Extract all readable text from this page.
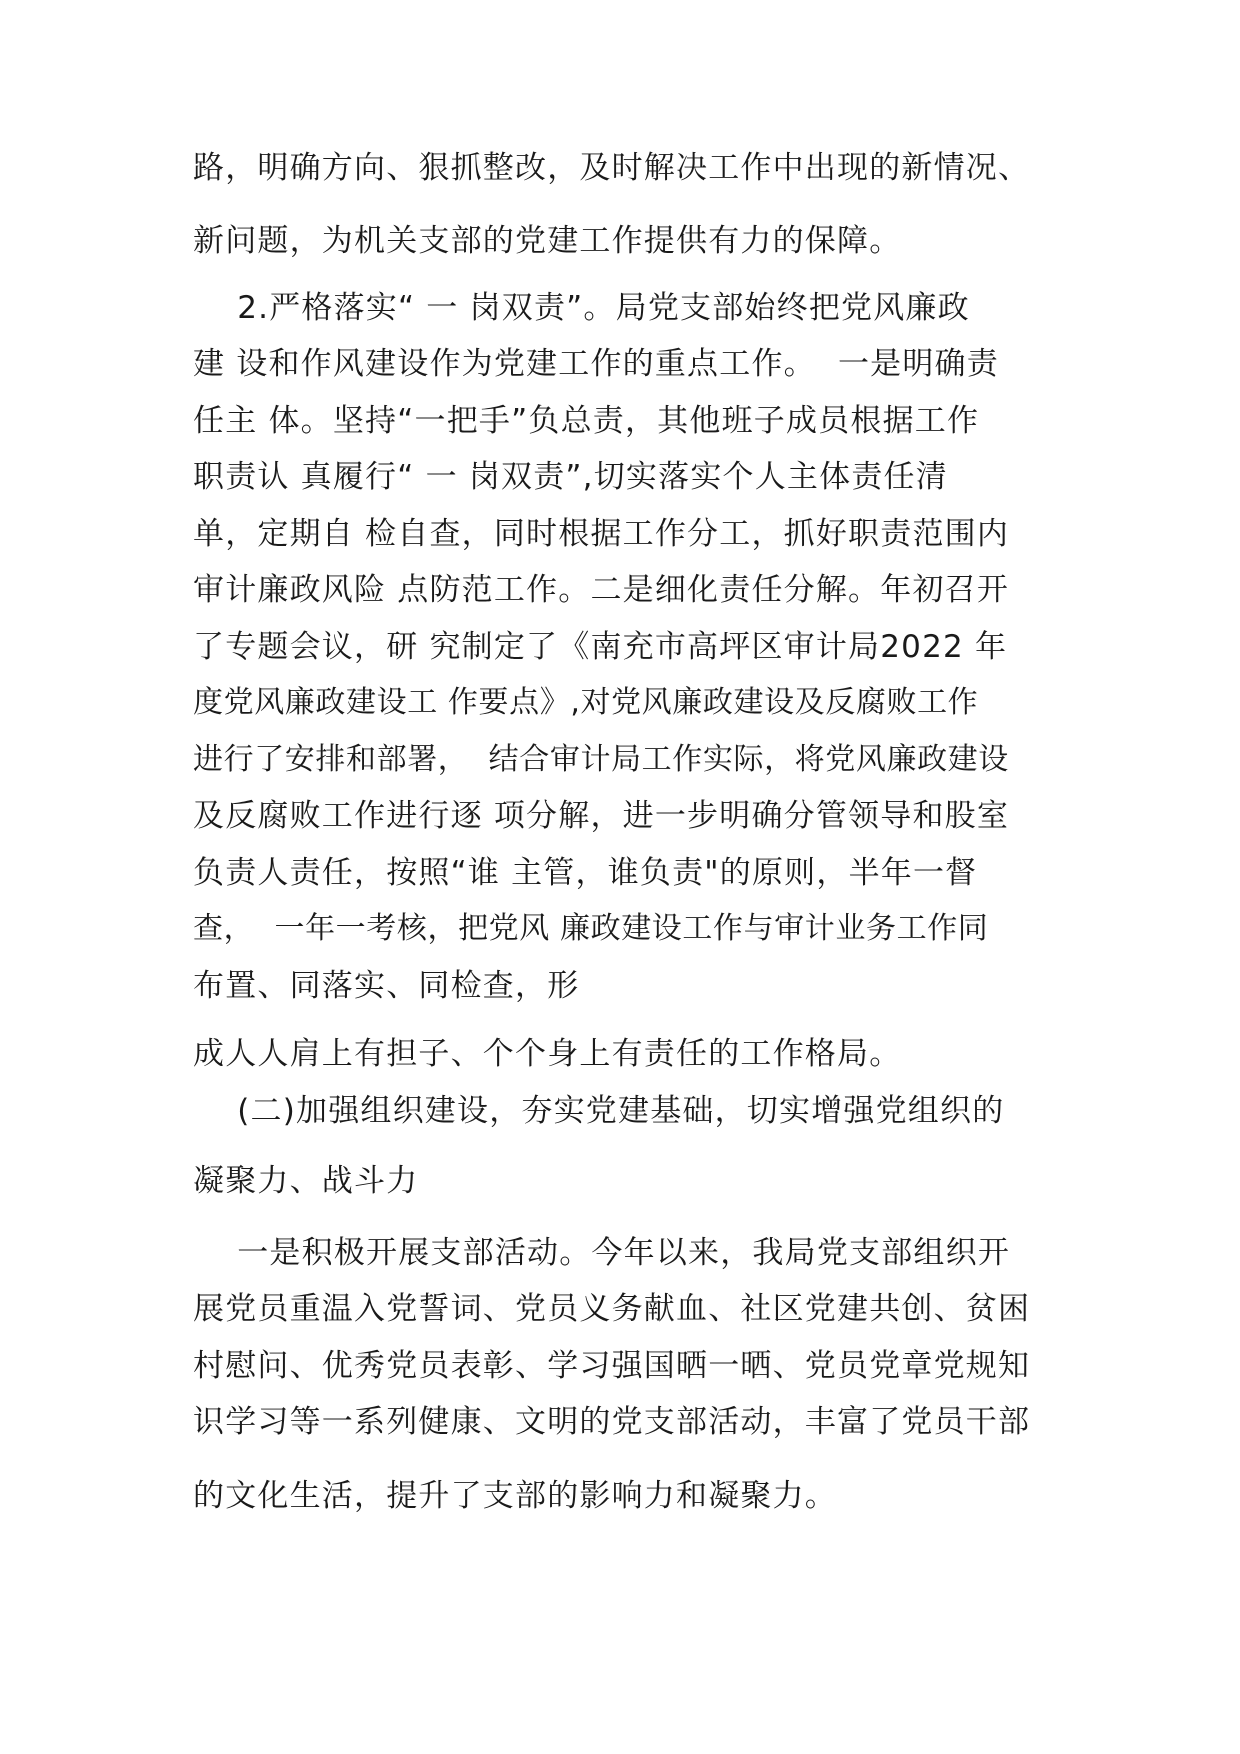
路，明确方向、狠抓整改，及时解决工作中出现的新情况、
新问题，为机关支部的党建工作提供有力的保障。
2.严格落实“ 一 岗双责”。局党支部始终把党风廉政
建 设和作风建设作为党建工作的重点工作。  一是明确责
任主 体。坚持“一把手”负总责，其他班子成员根据工作
职责认 真履行“ 一 岗双责”,切实落实个人主体责任清
单，定期自 检自查，同时根据工作分工，抓好职责范围内
审计廉政风险 点防范工作。二是细化责任分解。年初召开
了专题会议，研 究制定了《南充市高坪区审计局2022 年
度党风廉政建设工 作要点》,对党风廉政建设及反腐败工作
进行了安排和部署，  结合审计局工作实际，将党风廉政建设
及反腐败工作进行逐 项分解，进一步明确分管领导和股室
负责人责任，按照“谁 主管，谁负责"的原则，半年一督
查，  一年一考核，把党风 廉政建设工作与审计业务工作同
布置、同落实、同检查，形
成人人肩上有担子、个个身上有责任的工作格局。
(二)加强组织建设，夯实党建基础，切实增强党组织的
凝聚力、战斗力
一是积极开展支部活动。今年以来，我局党支部组织开
展党员重温入党誓词、党员义务献血、社区党建共创、贫困
村慰问、优秀党员表彰、学习强国晒一晒、党员党章党规知
识学习等一系列健康、文明的党支部活动，丰富了党员干部
的文化生活，提升了支部的影响力和凝聚力。
